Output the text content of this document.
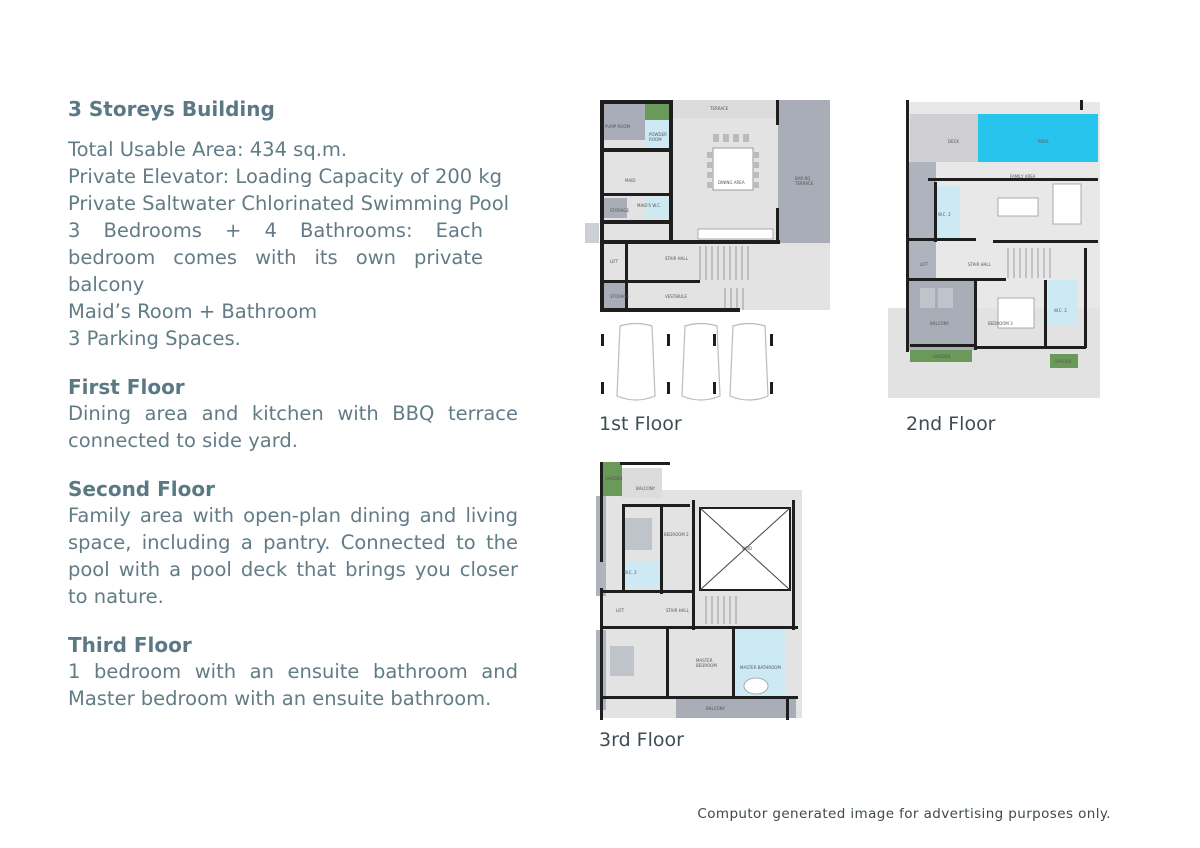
3 Storeys Building

Total Usable Area: 434 sq.m.

Private Elevator: Loading Capacity of 200 kg

Private Saltwater Chlorinated Swimming Pool

3 Bedrooms + 4 Bathrooms: Each bedroom comes with its own private balcony

Maid’s Room + Bathroom

3 Parking Spaces.

First Floor

Dining area and kitchen with BBQ terrace connected to side yard.

Second Floor

Family area with open-plan dining and living space, including a pantry. Connected to the pool with a pool deck that brings you closer to nature.

Third Floor

1 bedroom with an ensuite bathroom and Master bedroom with an ensuite bathroom.

TERRACE
PUMP ROOM
POWDER
ROOM
DINING AREA
BAR BQ
TERRACE
MAID
MAID'S W.C.
STORAGE
LIFT
STAIR HALL
STORAGE	VESTIBULE
1st Floor
DECK	POOL
FAMILY AREA
W.C. 2
LIFT	STAIR HALL
BALCONY	BEDROOM 3
W.C. 3
GARDEN
GARDEN
2nd Floor
GARDEN
BALCONY
BEDROOM 2
VOID
W.C. 2
LIFT	STAIR HALL
MASTER
BEDROOM	MASTER BATHROOM
BALCONY
3rd Floor
Computor generated image for advertising purposes only.
